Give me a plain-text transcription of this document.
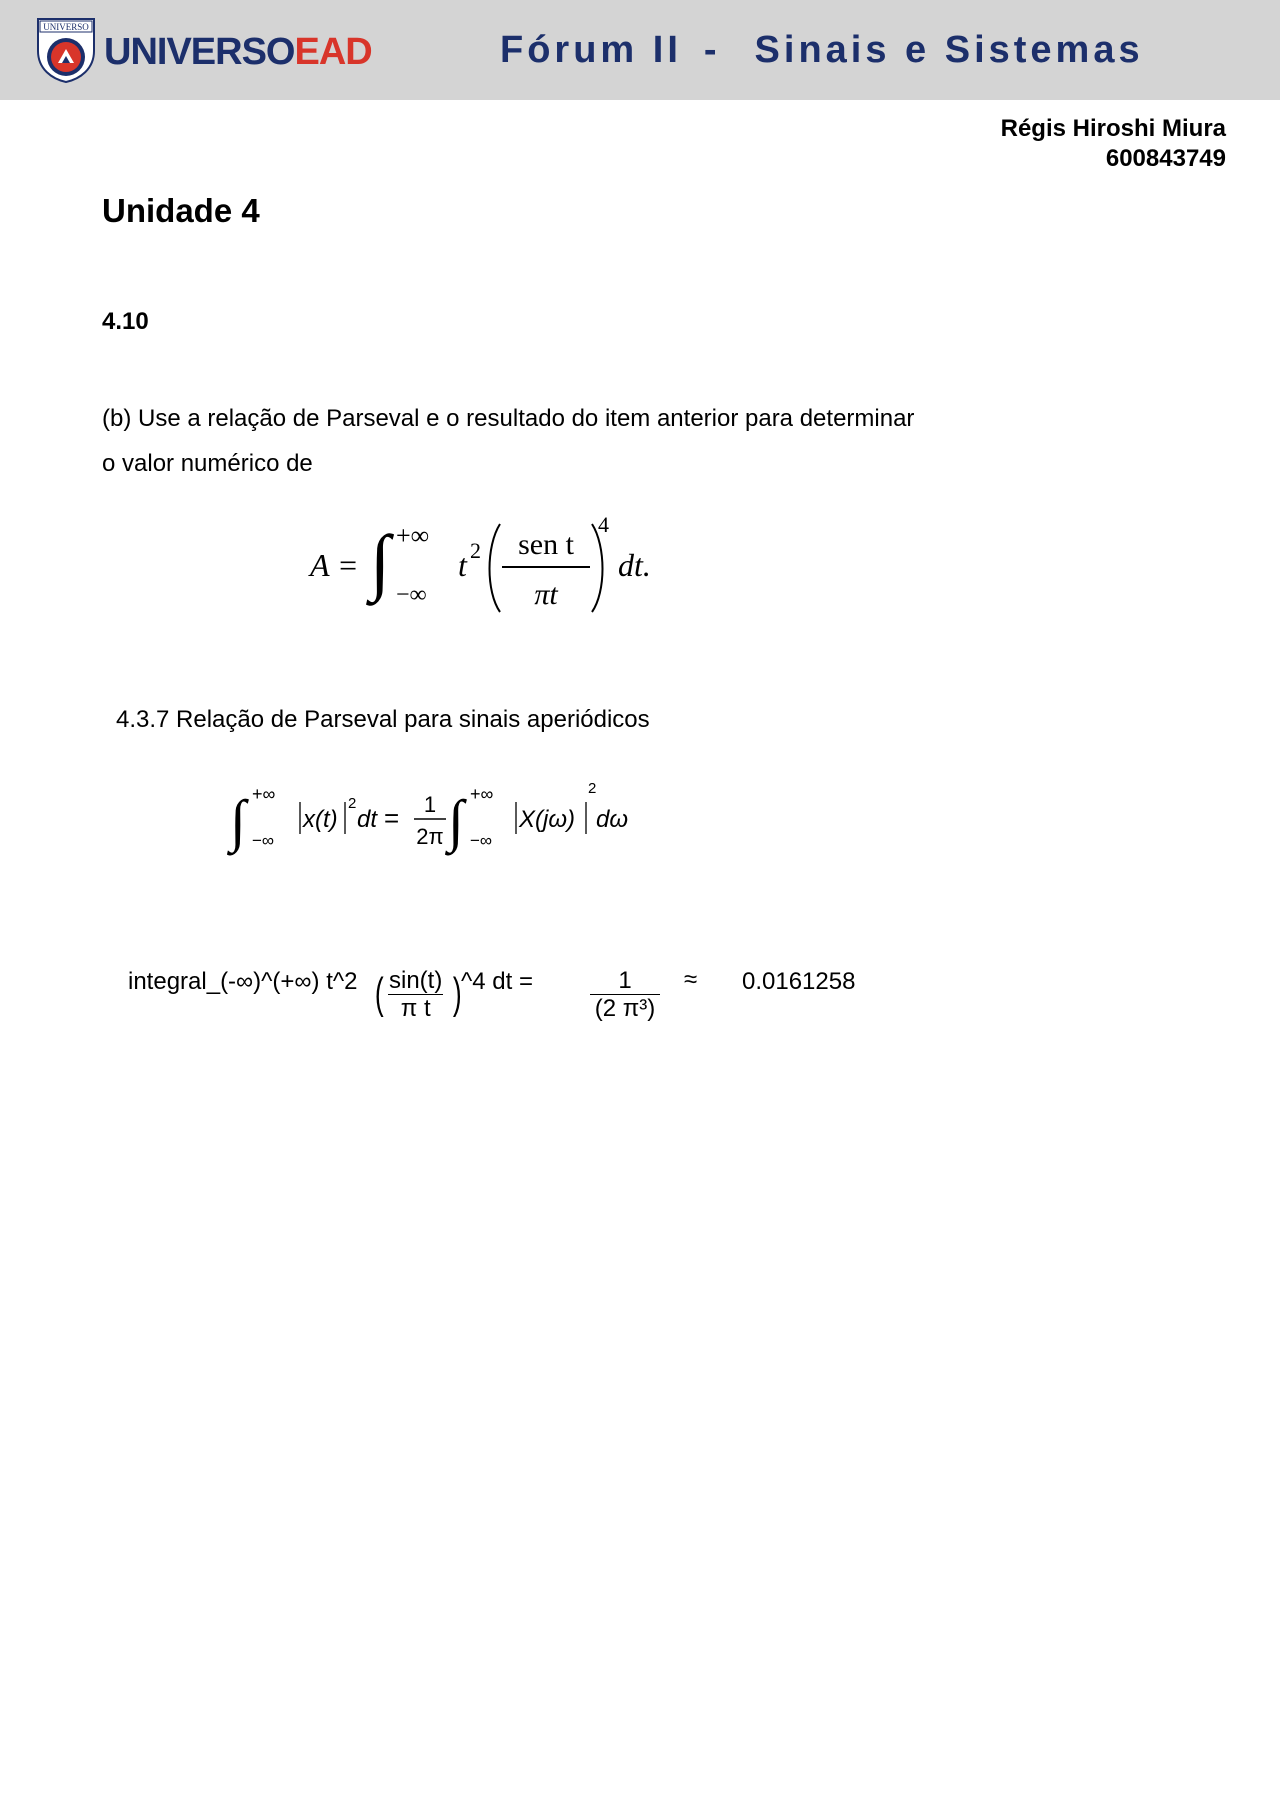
UNIVERSO
UNIVERSOEAD	Fórum II - Sinais e Sistemas
Régis Hiroshi Miura
600843749
Unidade 4
4.10
(b) Use a relação de Parseval e o resultado do item anterior para determinar
o valor numérico de
A = ∫ +∞
−∞
t 2 sen t
πt
4
dt.
4.3.7 Relação de Parseval para sinais aperiódicos
∫ +∞
−∞
x(t)
2
dt = 1
2π ∫ +∞
−∞
X(jω)
2
dω
integral_(-∞)^(+∞) t^2 ( $\frac{\sin(t)}{\text{π t}}$ ) ^4 dt = $\frac{1}{\text{(2 π³)}} \approx 0.0161258$
